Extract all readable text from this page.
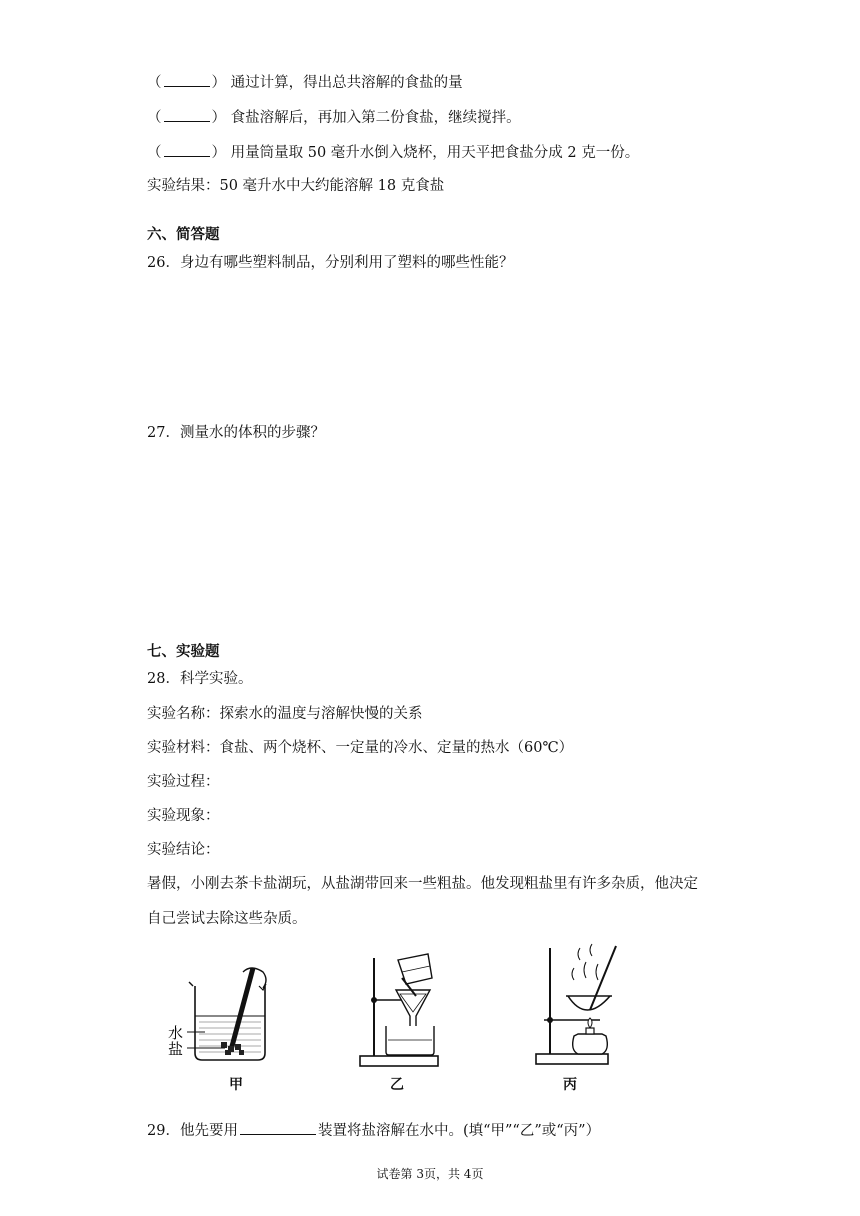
（	） 通过计算，得出总共溶解的食盐的量
（	） 食盐溶解后，再加入第二份食盐，继续搅拌。
（	） 用量筒量取 50 毫升水倒入烧杯，用天平把食盐分成 2 克一份。
实验结果：50 毫升水中大约能溶解 18 克食盐
六、简答题
26．身边有哪些塑料制品，分别利用了塑料的哪些性能？
27．测量水的体积的步骤？
七、实验题
28．科学实验。
实验名称：探索水的温度与溶解快慢的关系
实验材料：食盐、两个烧杯、一定量的冷水、定量的热水（60℃）
实验过程：
实验现象：
实验结论：
暑假，小刚去茶卡盐湖玩，从盐湖带回来一些粗盐。他发现粗盐里有许多杂质，他决定
自己尝试去除这些杂质。
水
盐
甲	乙	丙
29．他先要用	装置将盐溶解在水中。(填“甲”“乙”或“丙”）
试卷第 3页，共 4页
